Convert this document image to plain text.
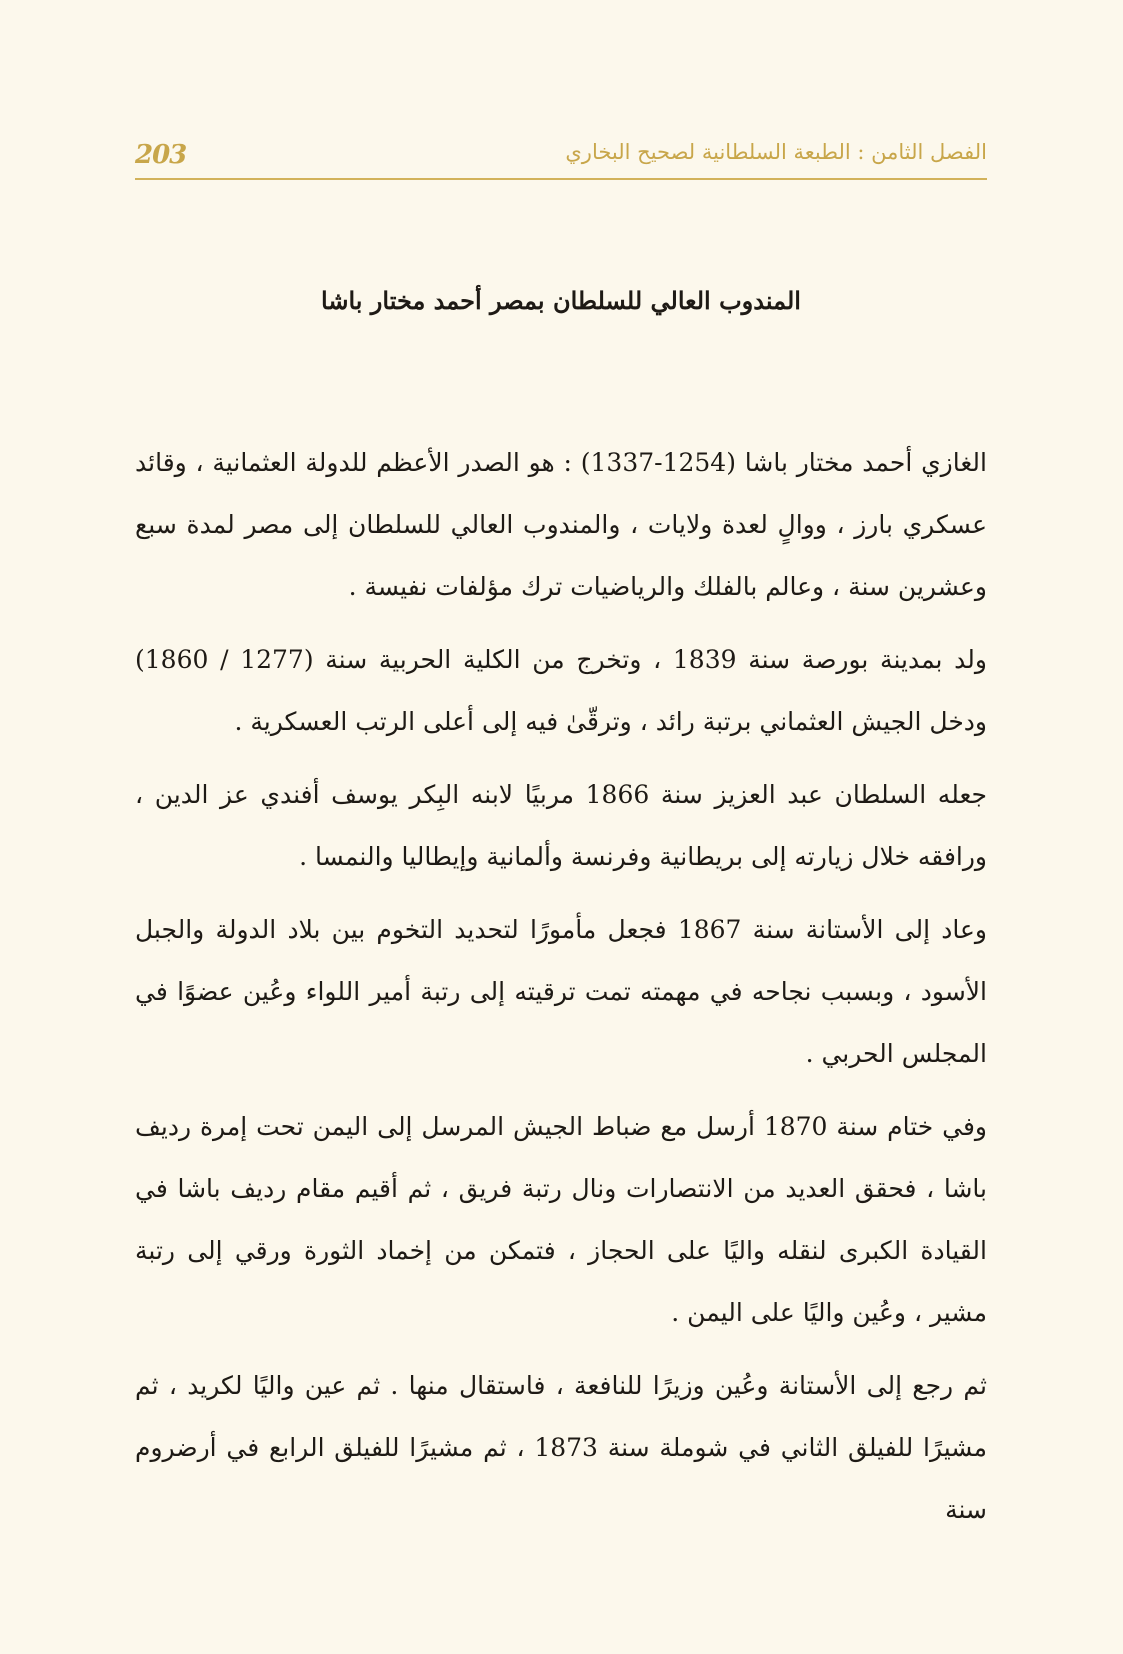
203	الفصل الثامن : الطبعة السلطانية لصحيح البخاري
المندوب العالي للسلطان بمصر أحمد مختار باشا

الغازي أحمد مختار باشا (1254-1337) : هو الصدر الأعظم للدولة العثمانية ، وقائد عسكري بارز ، ووالٍ لعدة ولايات ، والمندوب العالي للسلطان إلى مصر لمدة سبع وعشرين سنة ، وعالم بالفلك والرياضيات ترك مؤلفات نفيسة .

ولد بمدينة بورصة سنة 1839 ، وتخرج من الكلية الحربية سنة (1277 / 1860) ودخل الجيش العثماني برتبة رائد ، وترقّىٰ فيه إلى أعلى الرتب العسكرية .

جعله السلطان عبد العزيز سنة 1866 مربيًا لابنه البِكر يوسف أفندي عز الدين ، ورافقه خلال زيارته إلى بريطانية وفرنسة وألمانية وإيطاليا والنمسا .

وعاد إلى الأستانة سنة 1867 فجعل مأمورًا لتحديد التخوم بين بلاد الدولة والجبل الأسود ، وبسبب نجاحه في مهمته تمت ترقيته إلى رتبة أمير اللواء وعُين عضوًا في المجلس الحربي .

وفي ختام سنة 1870 أرسل مع ضباط الجيش المرسل إلى اليمن تحت إمرة رديف باشا ، فحقق العديد من الانتصارات ونال رتبة فريق ، ثم أقيم مقام رديف باشا في القيادة الكبرى لنقله واليًا على الحجاز ، فتمكن من إخماد الثورة ورقي إلى رتبة مشير ، وعُين واليًا على اليمن .

ثم رجع إلى الأستانة وعُين وزيرًا للنافعة ، فاستقال منها . ثم عين واليًا لكريد ، ثم مشيرًا للفيلق الثاني في شوملة سنة 1873 ، ثم مشيرًا للفيلق الرابع في أرضروم سنة
